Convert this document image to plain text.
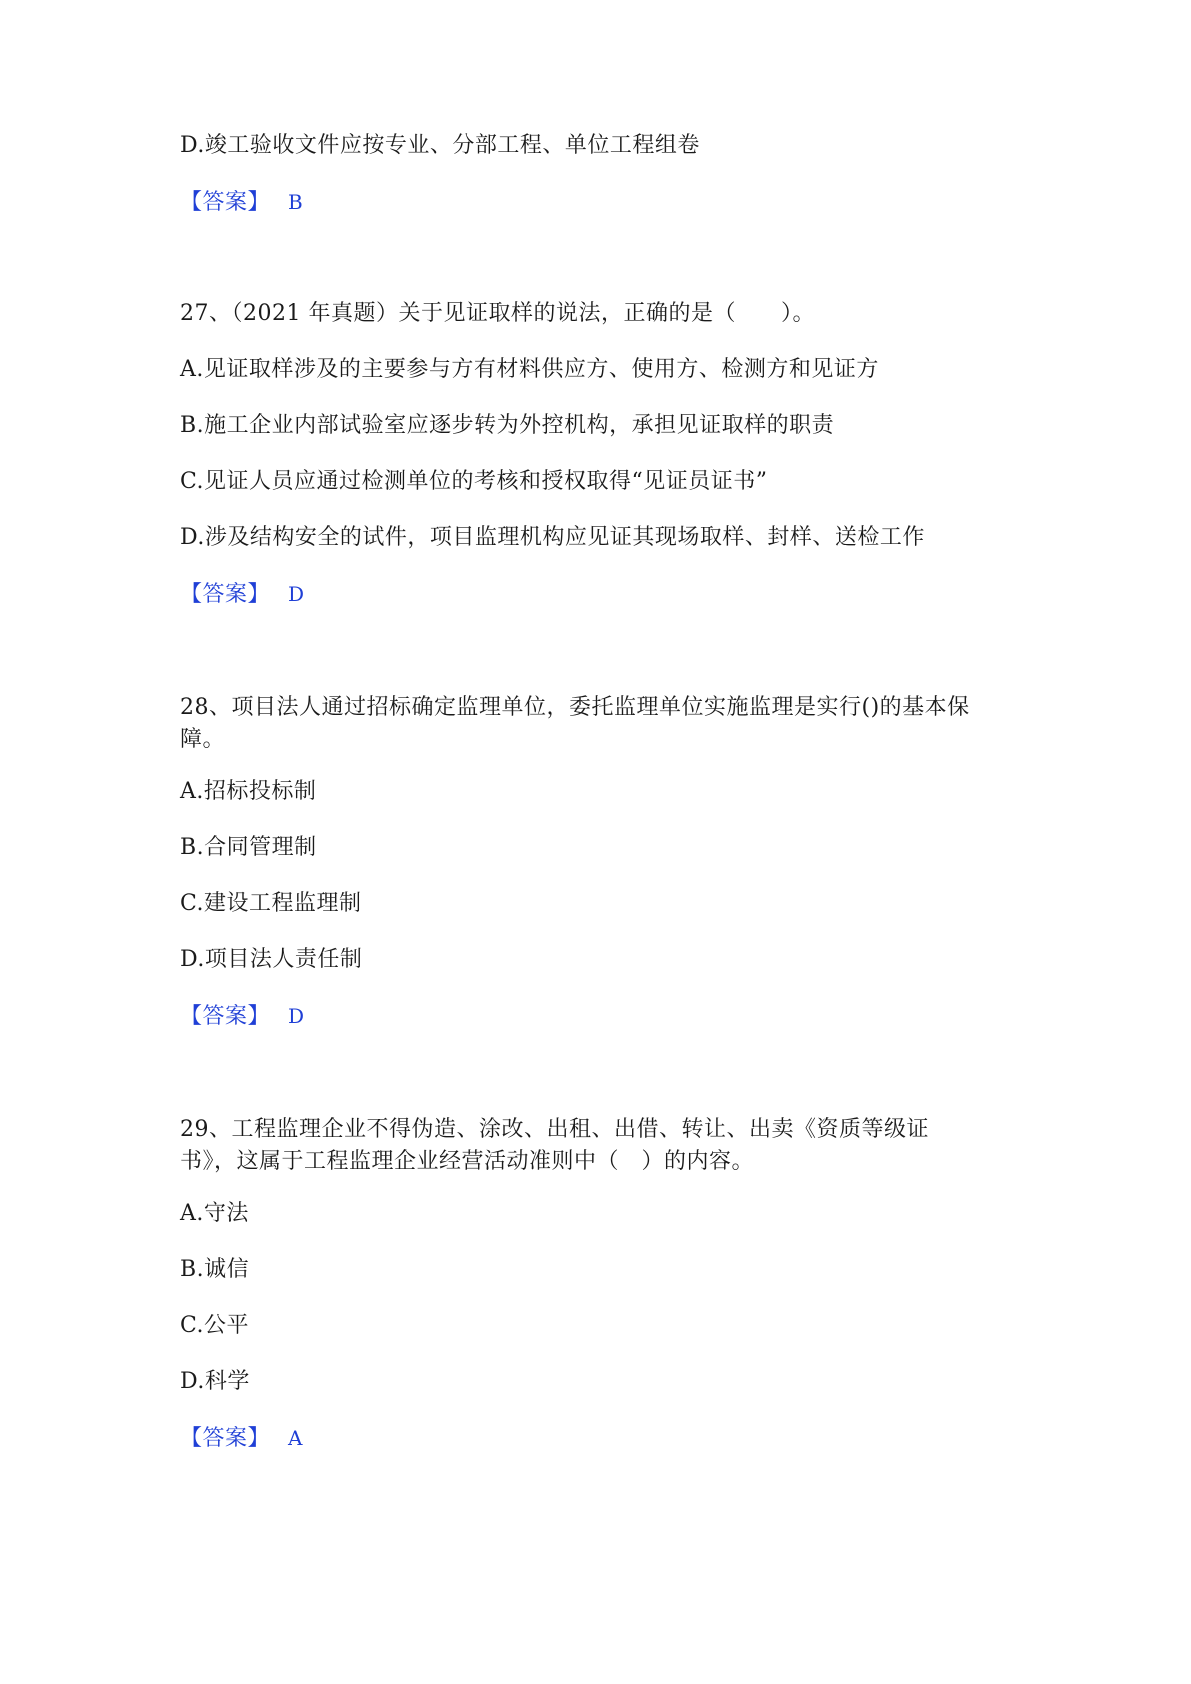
D.竣工验收文件应按专业、分部工程、单位工程组卷
【答案】 B
27、（2021 年真题）关于见证取样的说法，正确的是（　　）。
A.见证取样涉及的主要参与方有材料供应方、使用方、检测方和见证方
B.施工企业内部试验室应逐步转为外控机构，承担见证取样的职责
C.见证人员应通过检测单位的考核和授权取得“见证员证书”
D.涉及结构安全的试件，项目监理机构应见证其现场取样、封样、送检工作
【答案】 D
28、项目法人通过招标确定监理单位，委托监理单位实施监理是实行()的基本保障。
A.招标投标制
B.合同管理制
C.建设工程监理制
D.项目法人责任制
【答案】 D
29、工程监理企业不得伪造、涂改、出租、出借、转让、出卖《资质等级证书》，这属于工程监理企业经营活动准则中（　）的内容。
A.守法
B.诚信
C.公平
D.科学
【答案】 A
